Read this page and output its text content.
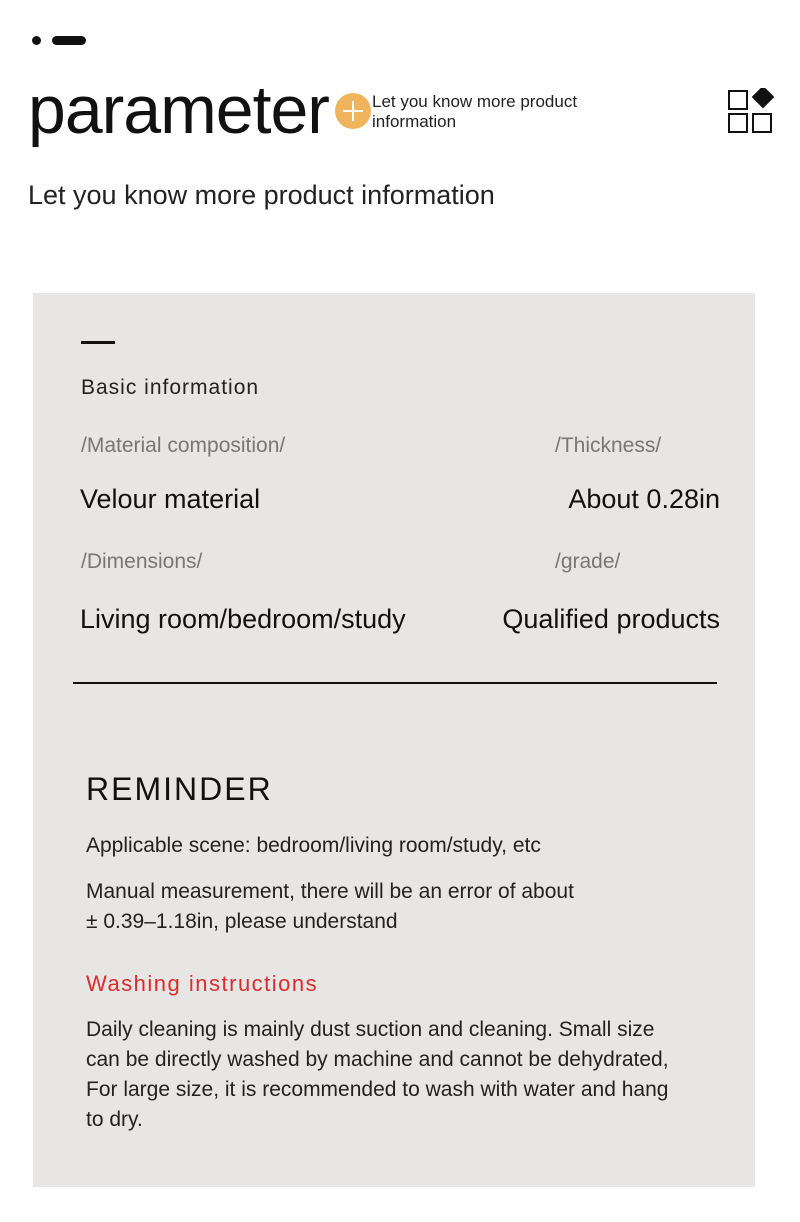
parameter	Let you know more product information
Let you know more product information
Basic information
/Material composition/
Velour material
/Thickness/
About 0.28in
/Dimensions/
Living room/bedroom/study
/grade/
Qualified products
REMINDER
Applicable scene: bedroom/living room/study, etc
Manual measurement, there will be an error of about
± 0.39–1.18in, please understand
Washing instructions
Daily cleaning is mainly dust suction and cleaning. Small size
can be directly washed by machine and cannot be dehydrated,
For large size, it is recommended to wash with water and hang
to dry.
